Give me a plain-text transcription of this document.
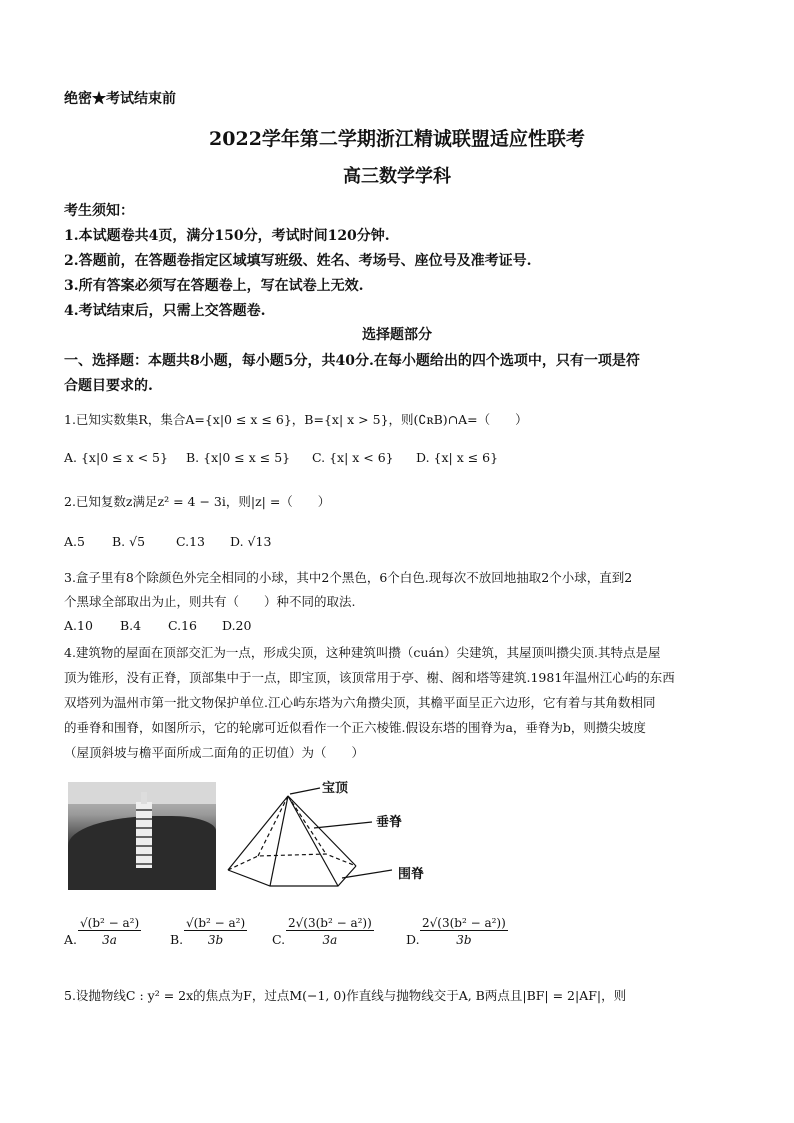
绝密★考试结束前
2022学年第二学期浙江精诚联盟适应性联考
高三数学学科
考生须知：
1.本试题卷共4页，满分150分，考试时间120分钟.
2.答题前，在答题卷指定区域填写班级、姓名、考场号、座位号及准考证号.
3.所有答案必须写在答题卷上，写在试卷上无效.
4.考试结束后，只需上交答题卷.
选择题部分
一、选择题：本题共8小题，每小题5分，共40分.在每小题给出的四个选项中，只有一项是符
合题目要求的.
1.已知实数集R，集合A={x|0 ≤ x ≤ 6}，B={x| x > 5}，则(∁ʀB)∩A=（　　）
A. {x|0 ≤ x < 5} B. {x|0 ≤ x ≤ 5} C. {x| x < 6} D. {x| x ≤ 6}
2.已知复数z满足z² = 4 − 3i，则|z| =（　　）
A.5 B. √5 C.13 D. √13
3.盒子里有8个除颜色外完全相同的小球，其中2个黑色，6个白色.现每次不放回地抽取2个小球，直到2
个黑球全部取出为止，则共有（　　）种不同的取法.
A.10 B.4 C.16 D.20
4.建筑物的屋面在顶部交汇为一点，形成尖顶，这种建筑叫攒（cuán）尖建筑，其屋顶叫攒尖顶.其特点是屋
顶为锥形，没有正脊，顶部集中于一点，即宝顶，该顶常用于亭、榭、阁和塔等建筑.1981年温州江心屿的东西
双塔列为温州市第一批文物保护单位.江心屿东塔为六角攒尖顶，其檐平面呈正六边形，它有着与其角数相同
的垂脊和围脊，如图所示，它的轮廓可近似看作一个正六棱锥.假设东塔的围脊为a，垂脊为b，则攒尖坡度
（屋顶斜坡与檐平面所成二面角的正切值）为（　　）
宝顶
垂脊
围脊
A. $\frac{\text{√(b² − a²)}}{3a} B$. $\frac{\text{√(b² − a²)}}{3b} C$. $\frac{\text{2√(3(b² − a²))}}{3a}$	D. $\frac{\text{2√(3(b² − a²))}}{3b}$
5.设抛物线C : y² = 2x的焦点为F，过点M(−1, 0)作直线与抛物线交于A, B两点且|BF| = 2|AF|，则
